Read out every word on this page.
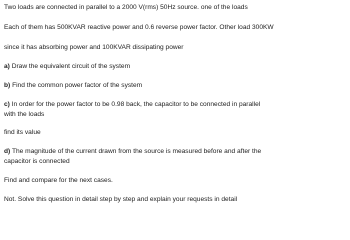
Two loads are connected in parallel to a 2000 V(rms) 50Hz source. one of the loads
Each of them has 500KVAR reactive power and 0.6 reverse power factor. Other load 300KW
since it has absorbing power and 100KVAR dissipating power
a) Draw the equivalent circuit of the system
b) Find the common power factor of the system
c) In order for the power factor to be 0.98 back, the capacitor to be connected in parallel
with the loads
find its value
d) The magnitude of the current drawn from the source is measured before and after the
capacitor is connected
Find and compare for the next cases.
Not. Solve this question in detail step by step and explain your requests in detail
